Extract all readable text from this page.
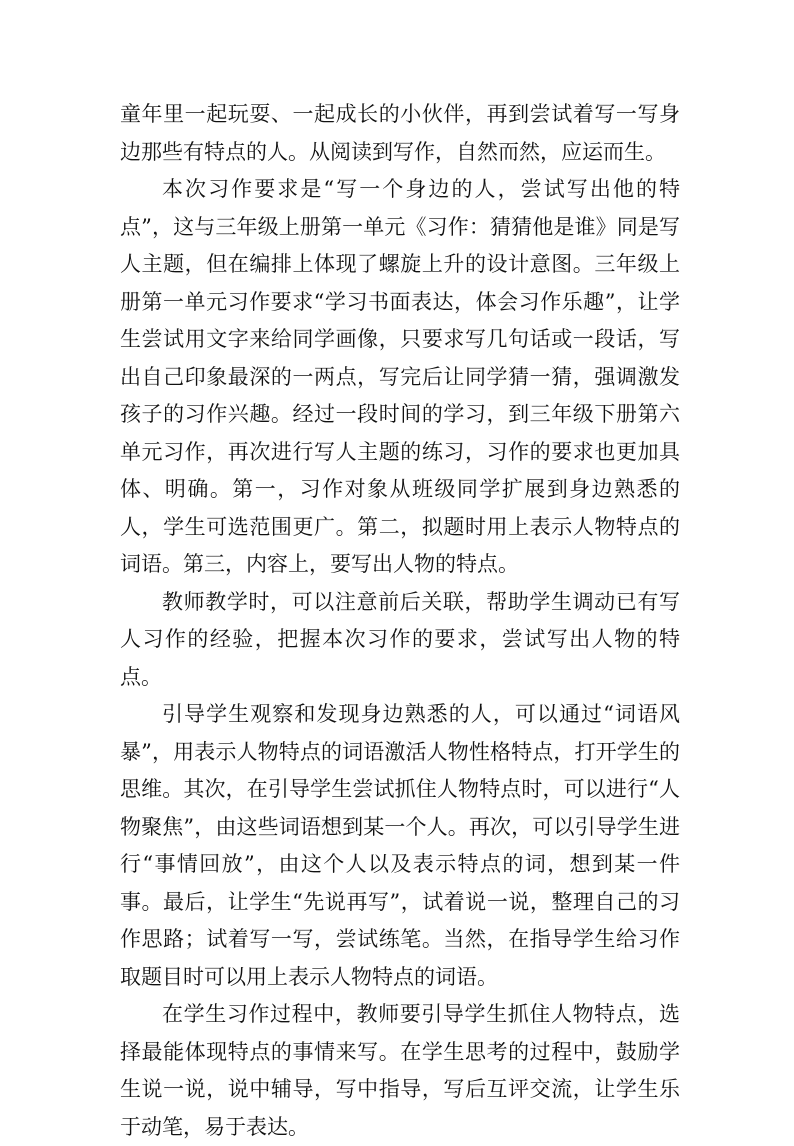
童年里一起玩耍、一起成长的小伙伴，再到尝试着写一写身边那些有特点的人。从阅读到写作，自然而然，应运而生。

本次习作要求是“写一个身边的人，尝试写出他的特点”，这与三年级上册第一单元《习作：猜猜他是谁》同是写人主题，但在编排上体现了螺旋上升的设计意图。三年级上册第一单元习作要求“学习书面表达，体会习作乐趣”，让学生尝试用文字来给同学画像，只要求写几句话或一段话，写出自己印象最深的一两点，写完后让同学猜一猜，强调激发孩子的习作兴趣。经过一段时间的学习，到三年级下册第六单元习作，再次进行写人主题的练习，习作的要求也更加具体、明确。第一，习作对象从班级同学扩展到身边熟悉的人，学生可选范围更广。第二，拟题时用上表示人物特点的词语。第三，内容上，要写出人物的特点。

教师教学时，可以注意前后关联，帮助学生调动已有写人习作的经验，把握本次习作的要求，尝试写出人物的特点。

引导学生观察和发现身边熟悉的人，可以通过“词语风暴”，用表示人物特点的词语激活人物性格特点，打开学生的思维。其次，在引导学生尝试抓住人物特点时，可以进行“人物聚焦”，由这些词语想到某一个人。再次，可以引导学生进行“事情回放”，由这个人以及表示特点的词，想到某一件事。最后，让学生“先说再写”，试着说一说，整理自己的习作思路；试着写一写，尝试练笔。当然，在指导学生给习作取题目时可以用上表示人物特点的词语。

在学生习作过程中，教师要引导学生抓住人物特点，选择最能体现特点的事情来写。在学生思考的过程中，鼓励学生说一说，说中辅导，写中指导，写后互评交流，让学生乐于动笔，易于表达。
